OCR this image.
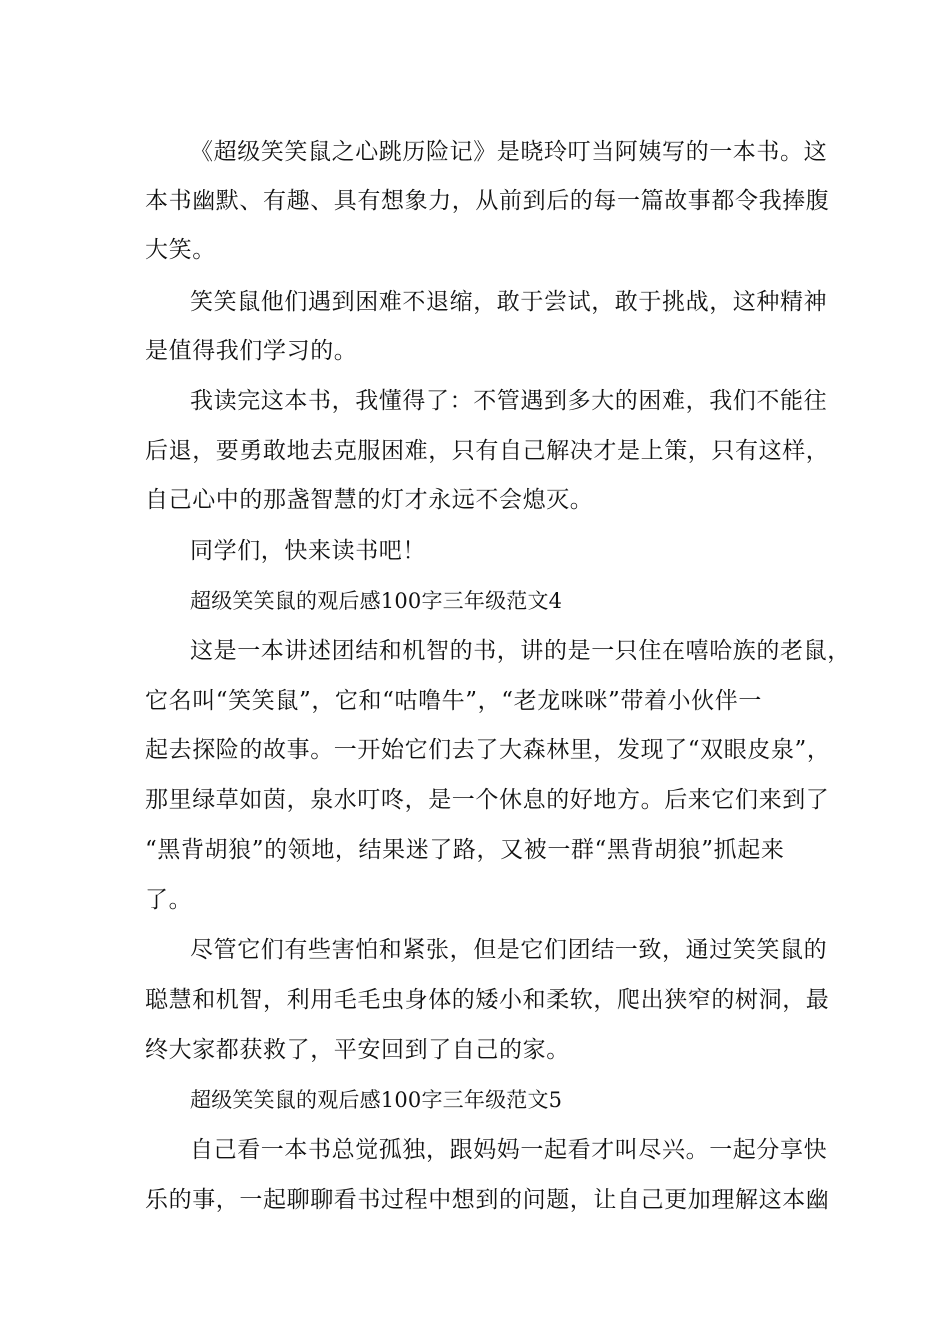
《超级笑笑鼠之心跳历险记》是晓玲叮当阿姨写的一本书。这
本书幽默、有趣、具有想象力，从前到后的每一篇故事都令我捧腹
大笑。
笑笑鼠他们遇到困难不退缩，敢于尝试，敢于挑战，这种精神
是值得我们学习的。
我读完这本书，我懂得了：不管遇到多大的困难，我们不能往
后退，要勇敢地去克服困难，只有自己解决才是上策，只有这样，
自己心中的那盏智慧的灯才永远不会熄灭。
同学们，快来读书吧！
超级笑笑鼠的观后感100字三年级范文4
这是一本讲述团结和机智的书，讲的是一只住在嘻哈族的老鼠，
它名叫“笑笑鼠”，它和“咕噜牛”，“老龙咪咪”带着小伙伴一
起去探险的故事。一开始它们去了大森林里，发现了“双眼皮泉”，
那里绿草如茵，泉水叮咚，是一个休息的好地方。后来它们来到了
“黑背胡狼”的领地，结果迷了路，又被一群“黑背胡狼”抓起来
了。
尽管它们有些害怕和紧张，但是它们团结一致，通过笑笑鼠的
聪慧和机智，利用毛毛虫身体的矮小和柔软，爬出狭窄的树洞，最
终大家都获救了，平安回到了自己的家。
超级笑笑鼠的观后感100字三年级范文5
自己看一本书总觉孤独，跟妈妈一起看才叫尽兴。一起分享快
乐的事，一起聊聊看书过程中想到的问题，让自己更加理解这本幽
